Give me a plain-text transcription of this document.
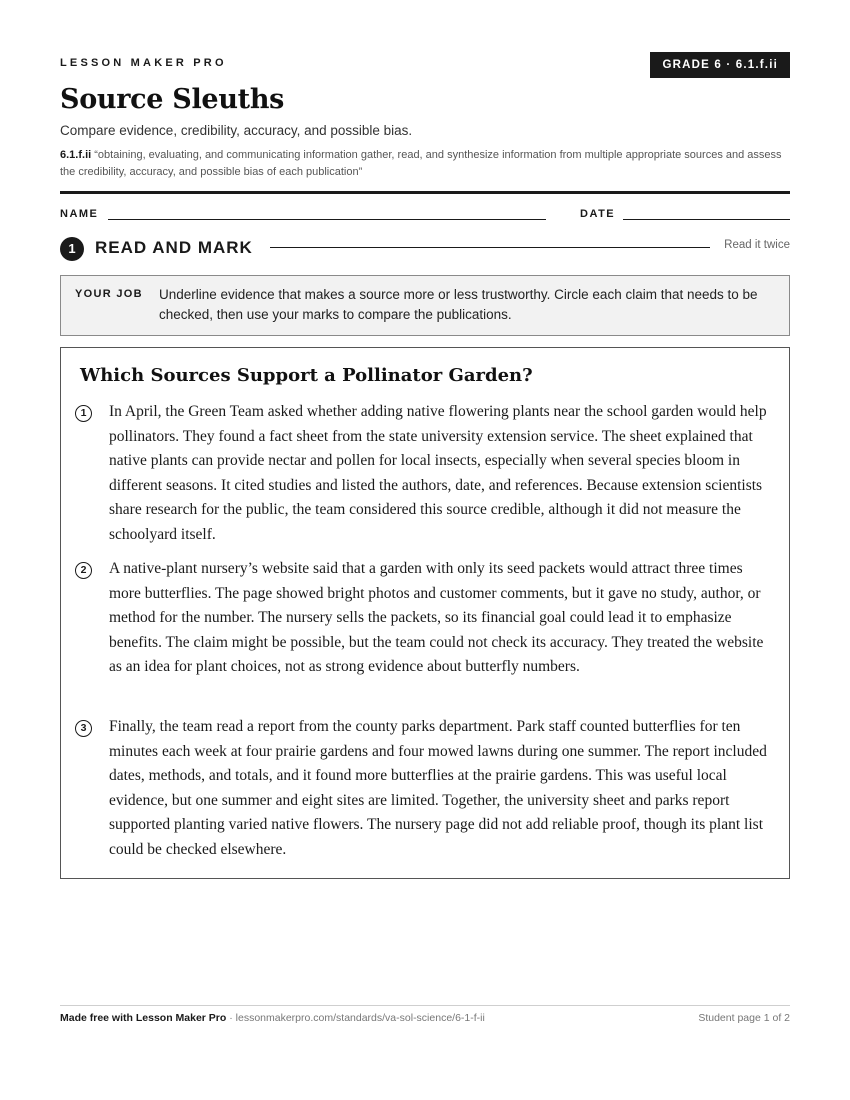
LESSON MAKER PRO	GRADE 6 · 6.1.f.ii
Source Sleuths
Compare evidence, credibility, accuracy, and possible bias.
6.1.f.ii “obtaining, evaluating, and communicating information gather, read, and synthesize information from multiple appropriate sources and assess the credibility, accuracy, and possible bias of each publication”
NAME	DATE
1	READ AND MARK	Read it twice
YOUR JOB Underline evidence that makes a source more or less trustworthy. Circle each claim that needs to be checked, then use your marks to compare the publications.
Which Sources Support a Pollinator Garden?
1	In April, the Green Team asked whether adding native flowering plants near the school garden would help pollinators. They found a fact sheet from the state university extension service. The sheet explained that native plants can provide nectar and pollen for local insects, especially when several species bloom in different seasons. It cited studies and listed the authors, date, and references. Because extension scientists share research for the public, the team considered this source credible, although it did not measure the schoolyard itself.
2	A native-plant nursery’s website said that a garden with only its seed packets would attract three times more butterflies. The page showed bright photos and customer comments, but it gave no study, author, or method for the number. The nursery sells the packets, so its financial goal could lead it to emphasize benefits. The claim might be possible, but the team could not check its accuracy. They treated the website as an idea for plant choices, not as strong evidence about butterfly numbers.
3	Finally, the team read a report from the county parks department. Park staff counted butterflies for ten minutes each week at four prairie gardens and four mowed lawns during one summer. The report included dates, methods, and totals, and it found more butterflies at the prairie gardens. This was useful local evidence, but one summer and eight sites are limited. Together, the university sheet and parks report supported planting varied native flowers. The nursery page did not add reliable proof, though its plant list could be checked elsewhere.
Made free with Lesson Maker Pro · lessonmakerpro.com/standards/va-sol-science/6-1-f-ii	Student page 1 of 2
